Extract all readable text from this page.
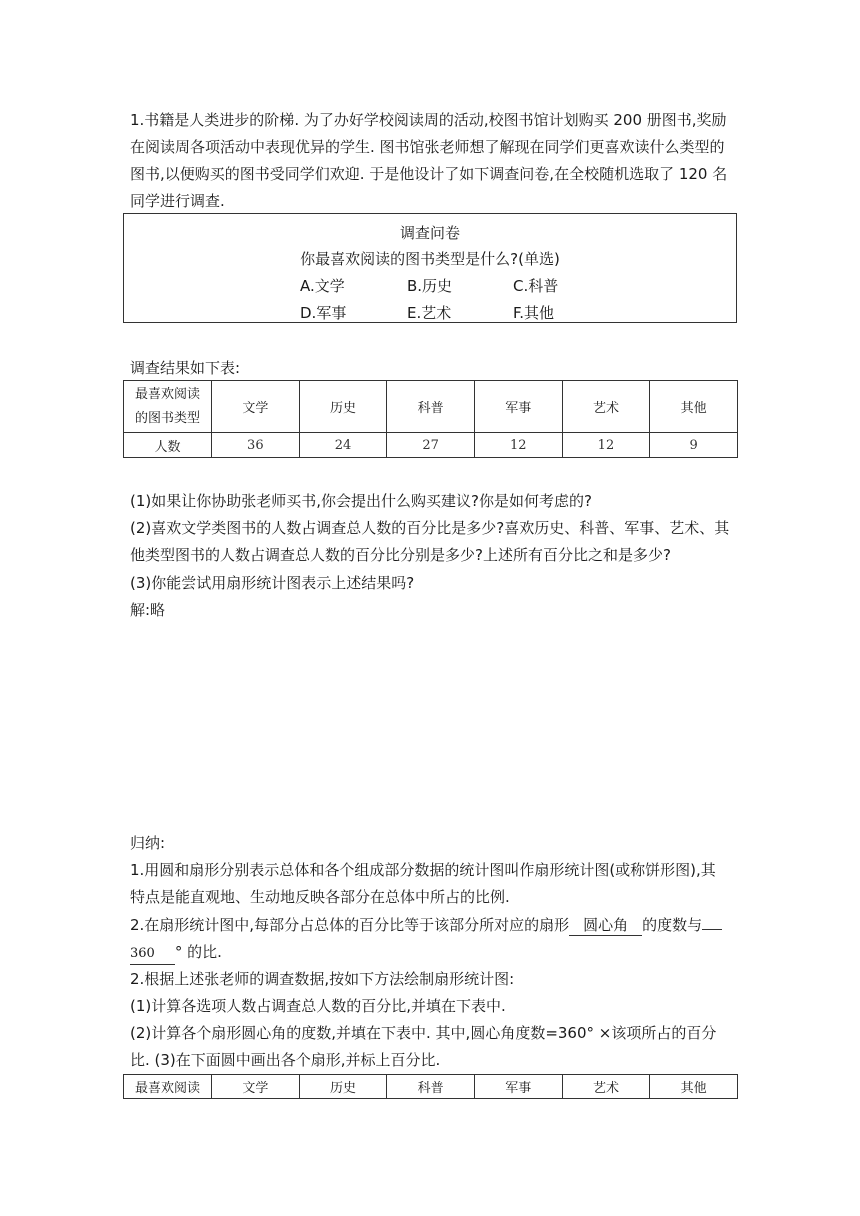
1.书籍是人类进步的阶梯. 为了办好学校阅读周的活动,校图书馆计划购买 200 册图书,奖励

在阅读周各项活动中表现优异的学生. 图书馆张老师想了解现在同学们更喜欢读什么类型的

图书,以便购买的图书受同学们欢迎. 于是他设计了如下调查问卷,在全校随机选取了 120 名

同学进行调查.

调查问卷
你最喜欢阅读的图书类型是什么?(单选)
A.文学	B.历史	C.科普
D.军事	E.艺术	F.其他

调查结果如下表:

最喜欢阅读
的图书类型	文学	历史	科普	军事	艺术	其他
人数	36	24	27	12	12	9

(1)如果让你协助张老师买书,你会提出什么购买建议?你是如何考虑的?

(2)喜欢文学类图书的人数占调查总人数的百分比是多少?喜欢历史、科普、军事、艺术、其

他类型图书的人数占调查总人数的百分比分别是多少?上述所有百分比之和是多少?

(3)你能尝试用扇形统计图表示上述结果吗?

解:略

归纳:

1.用圆和扇形分别表示总体和各个组成部分数据的统计图叫作扇形统计图(或称饼形图),其

特点是能直观地、生动地反映各部分在总体中所占的比例.

2.在扇形统计图中,每部分占总体的百分比等于该部分所对应的扇形 圆心角 的度数与

360 ° 的比.

2.根据上述张老师的调查数据,按如下方法绘制扇形统计图:

(1)计算各选项人数占调查总人数的百分比,并填在下表中.

(2)计算各个扇形圆心角的度数,并填在下表中. 其中,圆心角度数=360° ×该项所占的百分

比. (3)在下面圆中画出各个扇形,并标上百分比.

最喜欢阅读	文学	历史	科普	军事	艺术	其他
